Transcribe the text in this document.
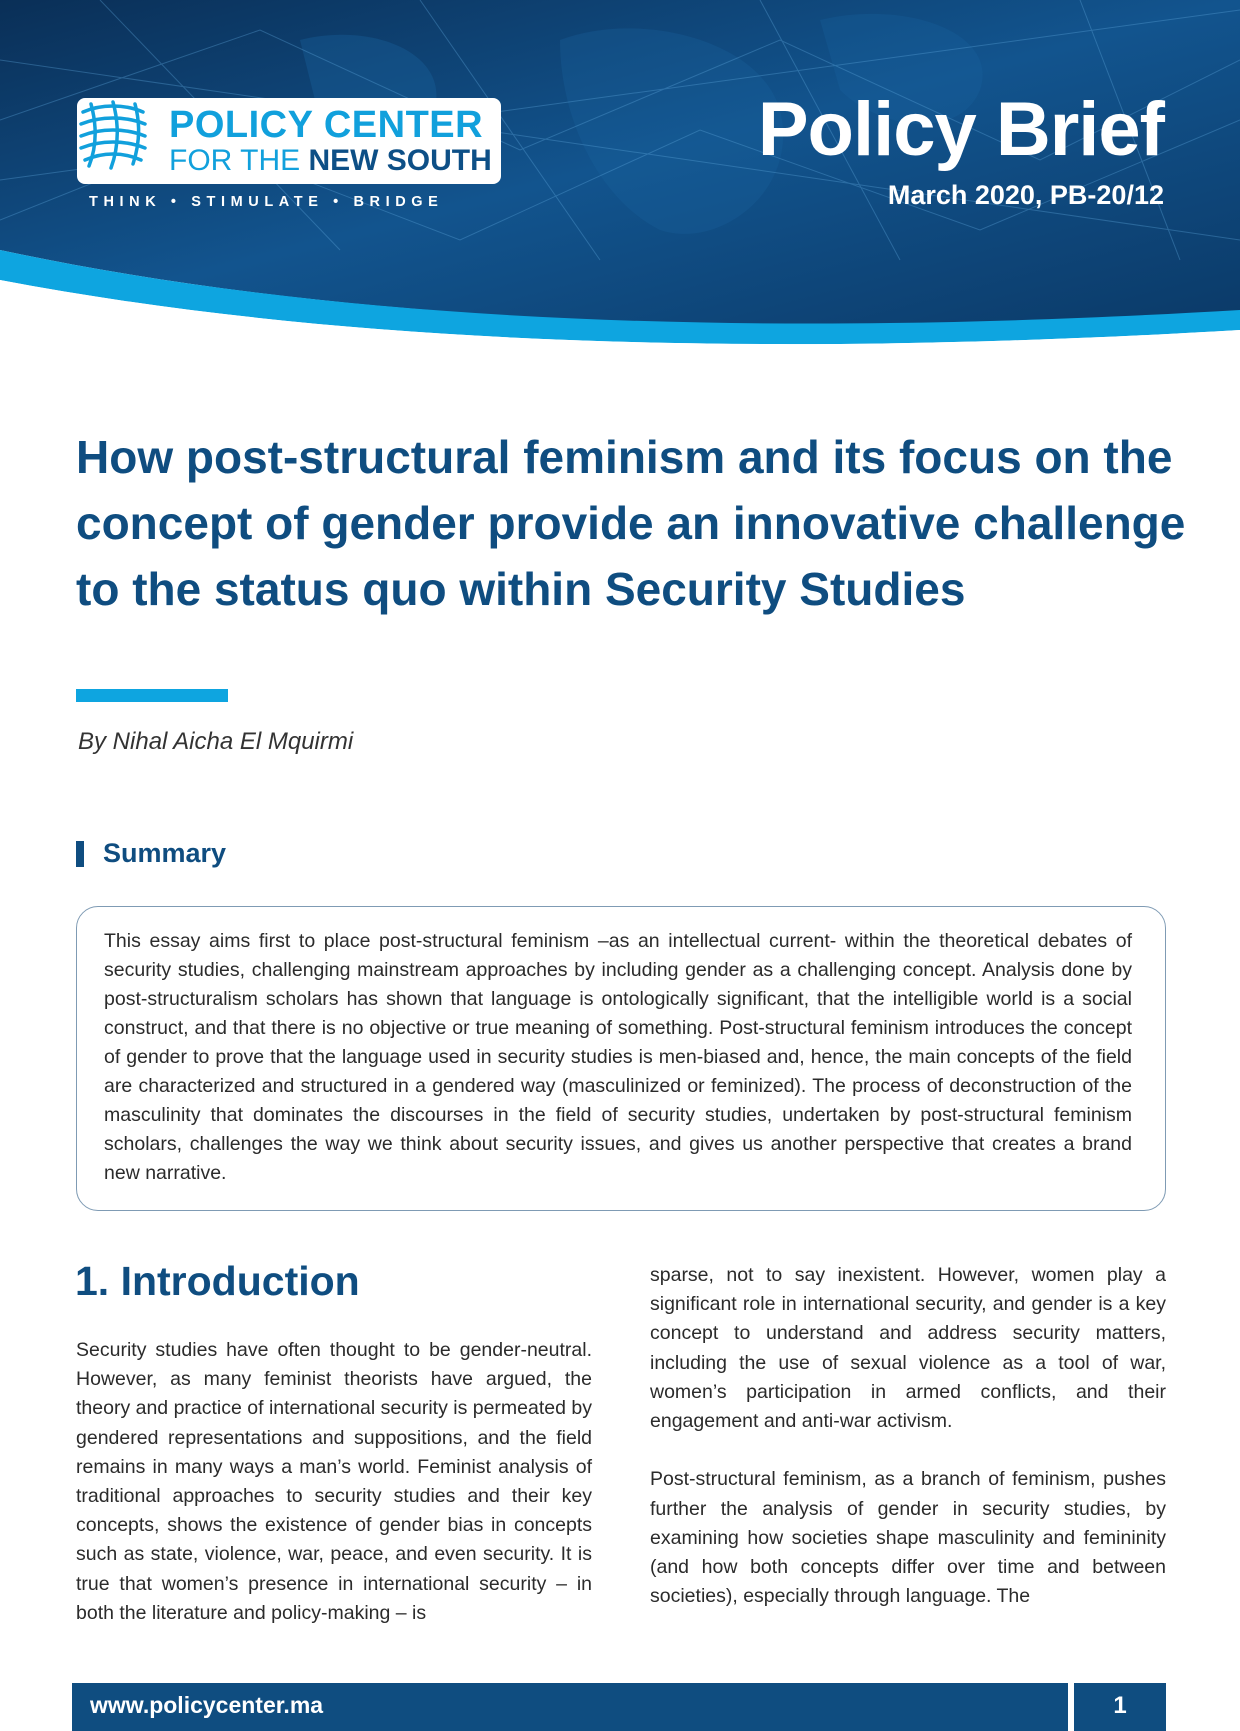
POLICY CENTER
FOR THE NEW SOUTH
THINK • STIMULATE • BRIDGE
Policy Brief
March 2020, PB-20/12
How post-structural feminism and its focus on the concept of gender provide an innovative challenge to the status quo within Security Studies
By Nihal Aicha El Mquirmi
Summary

This essay aims first to place post-structural feminism –as an intellectual current- within the theoretical debates of security studies, challenging mainstream approaches by including gender as a challenging concept. Analysis done by post-structuralism scholars has shown that language is ontologically significant, that the intelligible world is a social construct, and that there is no objective or true meaning of something. Post-structural feminism introduces the concept of gender to prove that the language used in security studies is men-biased and, hence, the main concepts of the field are characterized and structured in a gendered way (masculinized or feminized). The process of deconstruction of the masculinity that dominates the discourses in the field of security studies, undertaken by post-structural feminism scholars, challenges the way we think about security issues, and gives us another perspective that creates a brand new narrative.

1. Introduction

Security studies have often thought to be gender-neutral. However, as many feminist theorists have argued, the theory and practice of international security is permeated by gendered representations and suppositions, and the field remains in many ways a man’s world. Feminist analysis of traditional approaches to security studies and their key concepts, shows the existence of gender bias in concepts such as state, violence, war, peace, and even security. It is true that women’s presence in international security – in both the literature and policy-making – is

sparse, not to say inexistent. However, women play a significant role in international security, and gender is a key concept to understand and address security matters, including the use of sexual violence as a tool of war, women’s participation in armed conflicts, and their engagement and anti-war activism.

Post-structural feminism, as a branch of feminism, pushes further the analysis of gender in security studies, by examining how societies shape masculinity and femininity (and how both concepts differ over time and between societies), especially through language. The

www.policycenter.ma	1
